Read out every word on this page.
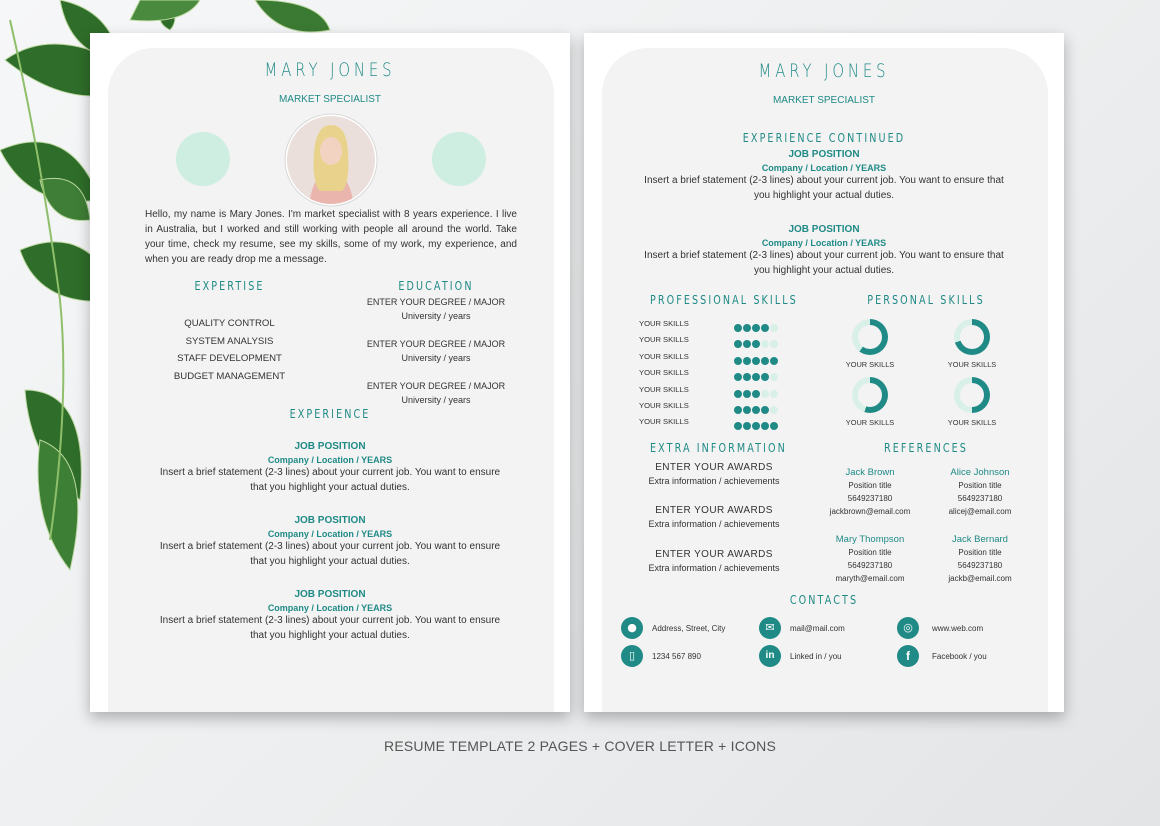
MARY JONES
MARKET SPECIALIST
Hello, my name is Mary Jones. I'm market specialist with 8 years experience. I live in Australia, but I worked and still working with people all around the world. Take your time, check my resume, see my skills, some of my work, my experience, and when you are ready drop me a message.
EXPERTISE
QUALITY CONTROL
SYSTEM ANALYSIS
STAFF DEVELOPMENT
BUDGET MANAGEMENT
EDUCATION
ENTER YOUR DEGREE / MAJOR
University / years
ENTER YOUR DEGREE / MAJOR
University / years
ENTER YOUR DEGREE / MAJOR
University / years
EXPERIENCE
JOB POSITION
Company / Location / YEARS
Insert a brief statement (2-3 lines) about your current job. You want to ensure
that you highlight your actual duties.
JOB POSITION
Company / Location / YEARS
Insert a brief statement (2-3 lines) about your current job. You want to ensure
that you highlight your actual duties.
JOB POSITION
Company / Location / YEARS
Insert a brief statement (2-3 lines) about your current job. You want to ensure
that you highlight your actual duties.
MARY JONES
MARKET SPECIALIST
EXPERIENCE CONTINUED
JOB POSITION
Company / Location / YEARS
Insert a brief statement (2-3 lines) about your current job. You want to ensure that
you highlight your actual duties.
JOB POSITION
Company / Location / YEARS
Insert a brief statement (2-3 lines) about your current job. You want to ensure that
you highlight your actual duties.
PROFESSIONAL SKILLS
YOUR SKILLS
YOUR SKILLS
YOUR SKILLS
YOUR SKILLS
YOUR SKILLS
YOUR SKILLS
YOUR SKILLS
PERSONAL SKILLS
YOUR SKILLS	YOUR SKILLS
YOUR SKILLS	YOUR SKILLS
EXTRA INFORMATION
ENTER YOUR AWARDS
Extra information / achievements
ENTER YOUR AWARDS
Extra information / achievements
ENTER YOUR AWARDS
Extra information / achievements
REFERENCES
Jack Brown
Position title
5649237180
jackbrown@email.com
Alice Johnson
Position title
5649237180
alicej@email.com
Mary Thompson
Position title
5649237180
maryth@email.com
Jack Bernard
Position title
5649237180
jackb@email.com
CONTACTS
●	Address, Street, City	✉	mail@mail.com	◎	www.web.com
▯	1234 567 890	in	Linked in / you	f	Facebook / you
RESUME TEMPLATE 2 PAGES + COVER LETTER + ICONS
